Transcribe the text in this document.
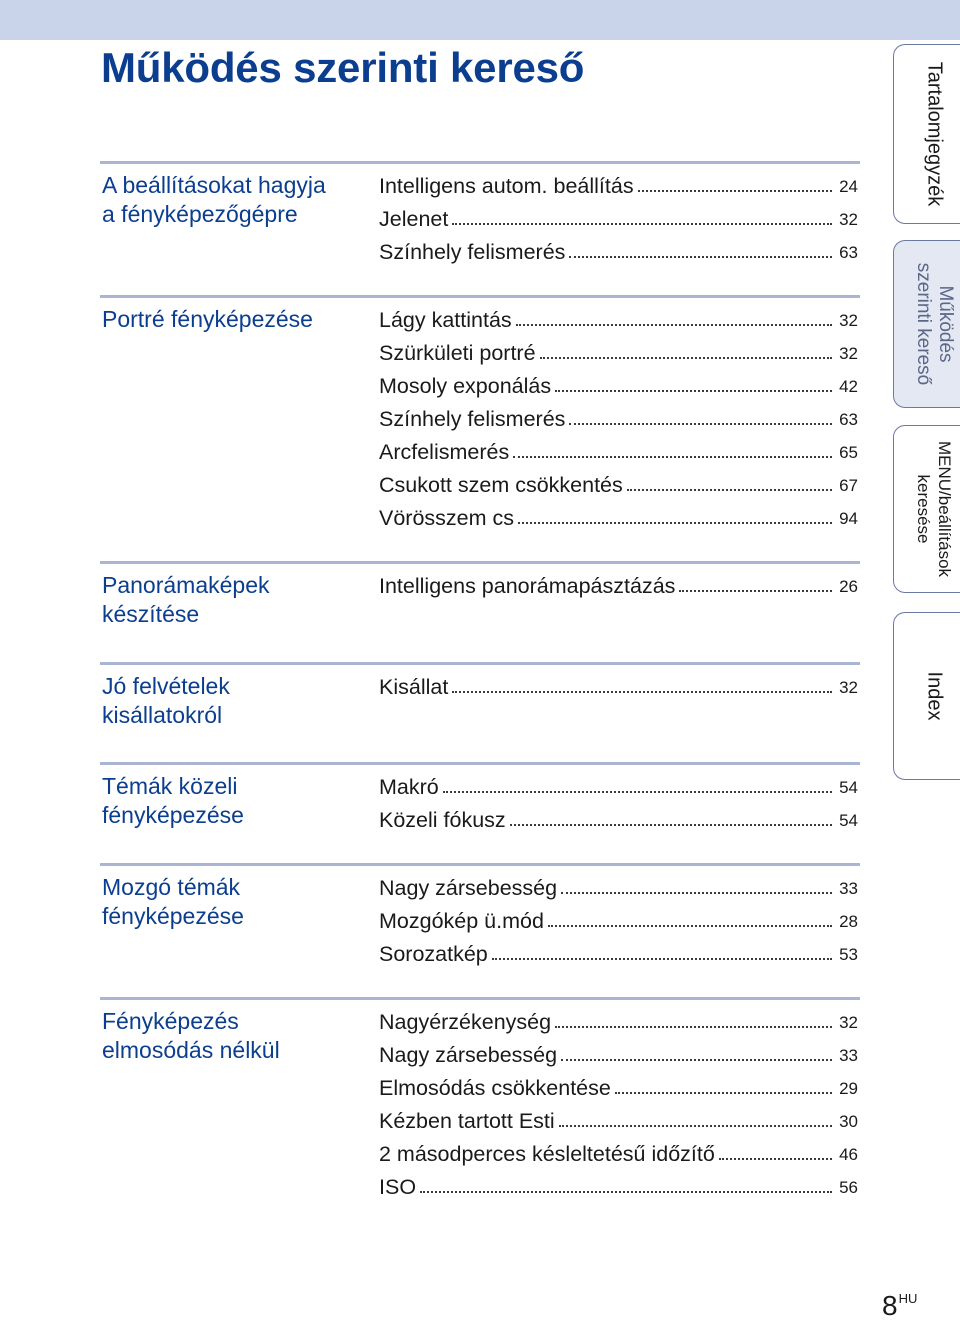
Működés szerinti kereső
A beállításokat hagyja
a fényképezőgépre
Intelligens autom. beállítás	24
Jelenet	32
Színhely felismerés	63
Portré fényképezése	Lágy kattintás	32
Szürkületi portré	32
Mosoly exponálás	42
Színhely felismerés	63
Arcfelismerés	65
Csukott szem csökkentés	67
Vörösszem cs	94
Panorámaképek
készítése
Intelligens panorámapásztázás	26
Jó felvételek
kisállatokról
Kisállat	32
Témák közeli
fényképezése
Makró	54
Közeli fókusz	54
Mozgó témák
fényképezése
Nagy zársebesség	33
Mozgókép ü.mód	28
Sorozatkép	53
Fényképezés
elmosódás nélkül
Nagyérzékenység	32
Nagy zársebesség	33
Elmosódás csökkentése	29
Kézben tartott Esti	30
2 másodperces késleltetésű időzítő	46
ISO	56
Tartalomjegyzék
Működés
szerinti kereső
MENU/beállítások
keresése
Index
$8^{HU}$
